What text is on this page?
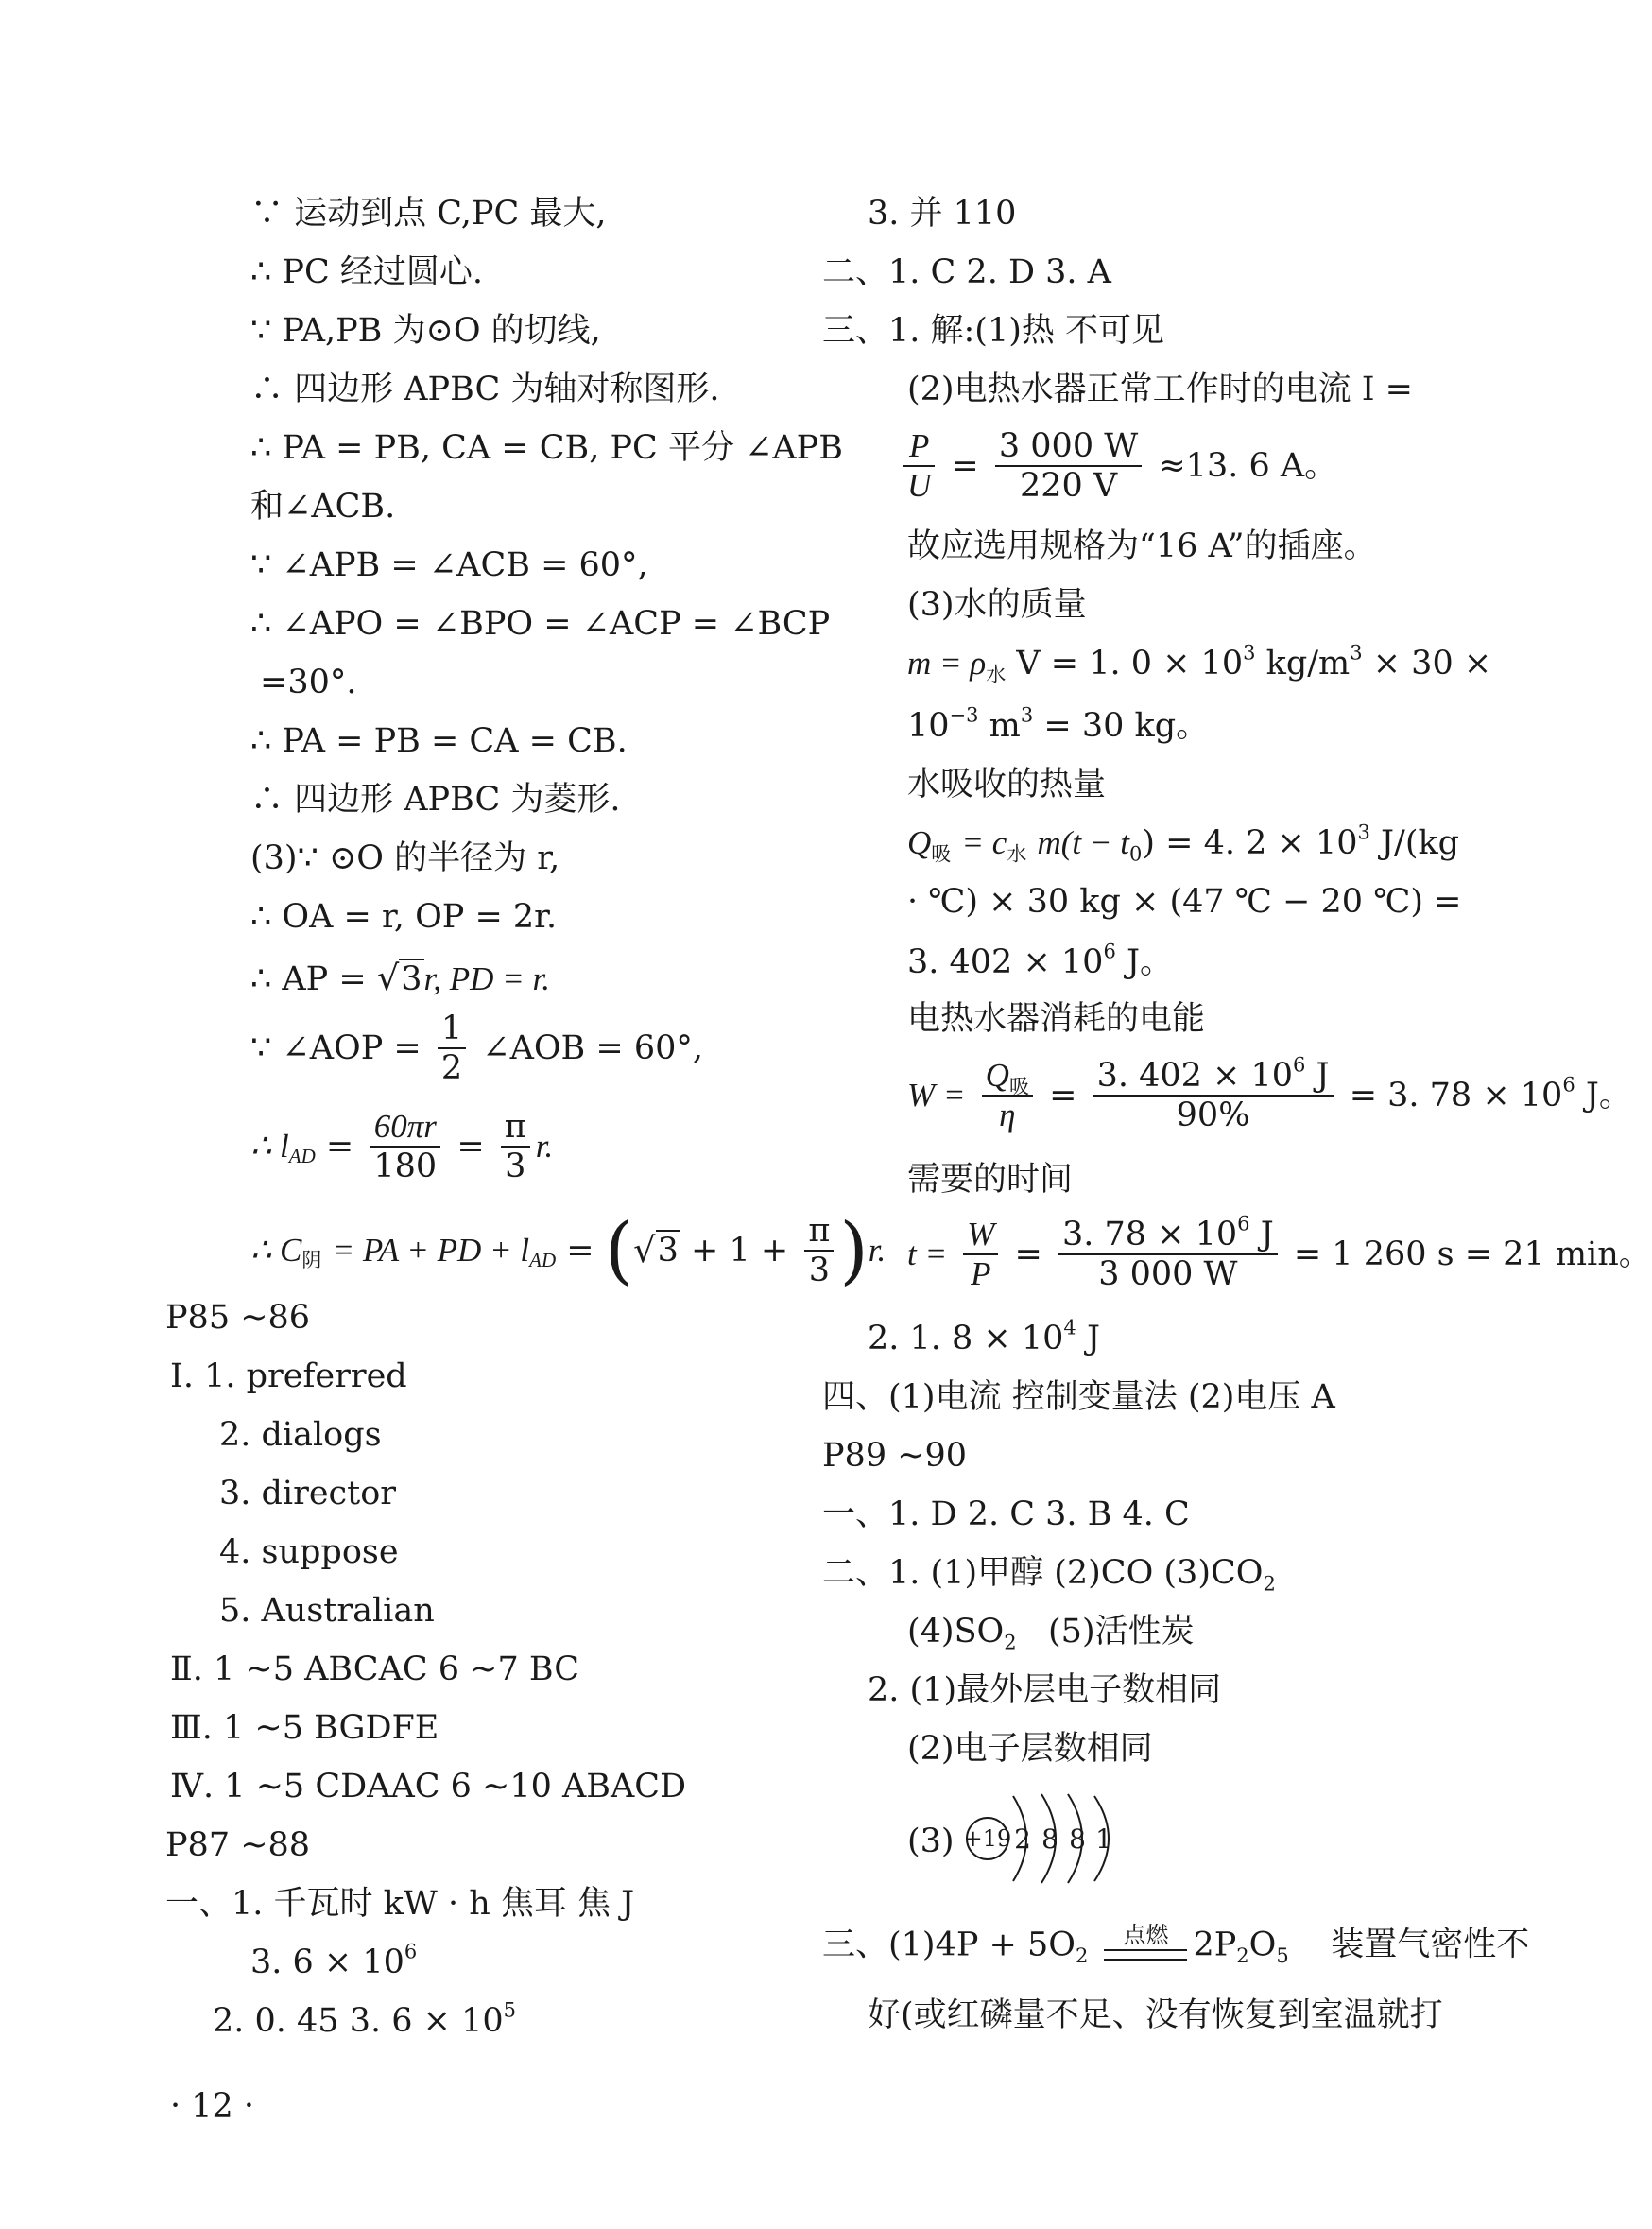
∵ 运动到点 C,PC 最大,
∴ PC 经过圆心.
∵ PA,PB 为⊙O 的切线,
∴ 四边形 APBC 为轴对称图形.
∴ PA = PB, CA = CB, PC 平分 ∠APB
和∠ACB.
∵ ∠APB = ∠ACB = 60°,
∴ ∠APO = ∠BPO = ∠ACP = ∠BCP
=30°.
∴ PA = PB = CA = CB.
∴ 四边形 APBC 为菱形.
(3)∵ ⊙O 的半径为 r,
∴ OA = r, OP = 2r.
∴ AP = √3r, PD = r.
∵ ∠AOP = $\frac{1}{2}$ ∠AOB = 60°,
∴ $l_{AD} = \frac{60\pi r}{180} = \frac{\pi}{3} r$.
∴ $C_阴$ = PA + PD + $l_{AD} = (√3 + 1 + \frac{\pi}{3} )r$.
P85 ~86
Ⅰ. 1. preferred
2. dialogs
3. director
4. suppose
5. Australian
Ⅱ. 1 ~5 ABCAC 6 ~7 BC
Ⅲ. 1 ~5 BGDFE
Ⅳ. 1 ~5 CDAAC 6 ~10 ABACD
P87 ~88
一、1. 千瓦时 kW · h 焦耳 焦 J
3. $6 \times 10^6$
2. 0. 45 3. $6 \times 10^5$
· 12 ·
3. 并 110
二、1. C 2. D 3. A
三、1. 解:(1)热 不可见
(2)电热水器正常工作时的电流 I =
$\frac{P}{U} = \frac{3 000 W}{220 V} \approx 13$. 6 A。
故应选用规格为“16 A”的插座。
(3)水的质量
$m = \rho_水$ V = 1. $0 \times 10^3$ $kg/m^3 \times 30$ ×
$10^{-3}$ $m^3 = 30$ kg。
水吸收的热量
$Q_吸 = c_水$ $m(t - t_0) = 4$. $2 \times 10^3$ J/(kg
· ℃) × 30 kg × (47 ℃ − 20 ℃) =
3. $402 \times 10^6$ J。
电热水器消耗的电能
$W = \frac{Q_吸}{\eta} = \frac{3. 402 \times 10^6 J}{90\%} = 3$. $78 \times 10^6$ J。
需要的时间
$t = \frac{W}{P} = \frac{3. 78 \times 10^6 J}{3 000 W} = 1$ 260 s = 21 min。
2. 1. $8 \times 10^4$ J
四、(1)电流 控制变量法 (2)电压 A
P89 ~90
一、1. D 2. C 3. B 4. C
二、1. (1)甲醇 (2)CO $(3)CO_2$
$(4)SO_2$ (5)活性炭
2. (1)最外层电子数相同
(2)电子层数相同
(3) +19 2 8 8 1
三、$(1)4P + 5O_2$
点燃 $2P_2O_5$ 装置气密性不
好(或红磷量不足、没有恢复到室温就打
